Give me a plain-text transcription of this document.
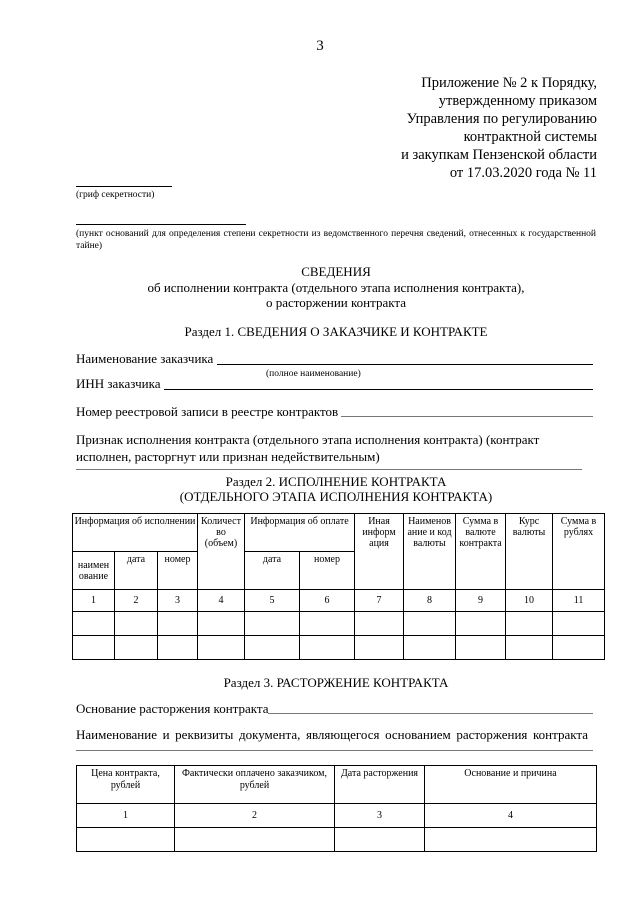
3
Приложение № 2 к Порядку,
утвержденному приказом
Управления по регулированию
контрактной системы
и закупкам Пензенской области
от 17.03.2020 года № 11
(гриф секретности)
(пункт оснований для определения степени секретности из ведомственного перечня сведений, отнесенных к государственной тайне)
СВЕДЕНИЯ
об исполнении контракта (отдельного этапа исполнения контракта),
о расторжении контракта
Раздел 1. СВЕДЕНИЯ О ЗАКАЗЧИКЕ И КОНТРАКТЕ
Наименование заказчика
(полное наименование)
ИНН заказчика
Номер реестровой записи в реестре контрактов
Признак исполнения контракта (отдельного этапа исполнения контракта) (контракт
исполнен, расторгнут или признан недействительным)
Раздел 2. ИСПОЛНЕНИЕ КОНТРАКТА
(ОТДЕЛЬНОГО ЭТАПА ИСПОЛНЕНИЯ КОНТРАКТА)
Информация об исполнении			Количест во (объем)	Информация об оплате		Иная информ ация	Наименов ание и код валюты	Сумма в валюте контракта	Курс валюты	Сумма в рублях
наимен ование	дата	номер		дата	номер					
1	2	3	4	5	6	7	8	9	10	11

Раздел 3. РАСТОРЖЕНИЕ КОНТРАКТА
Основание расторжения контракта
Наименование и реквизиты документа, являющегося основанием расторжения контракта
Цена контракта, рублей	Фактически оплачено заказчиком, рублей	Дата расторжения	Основание и причина
1	2	3	4
